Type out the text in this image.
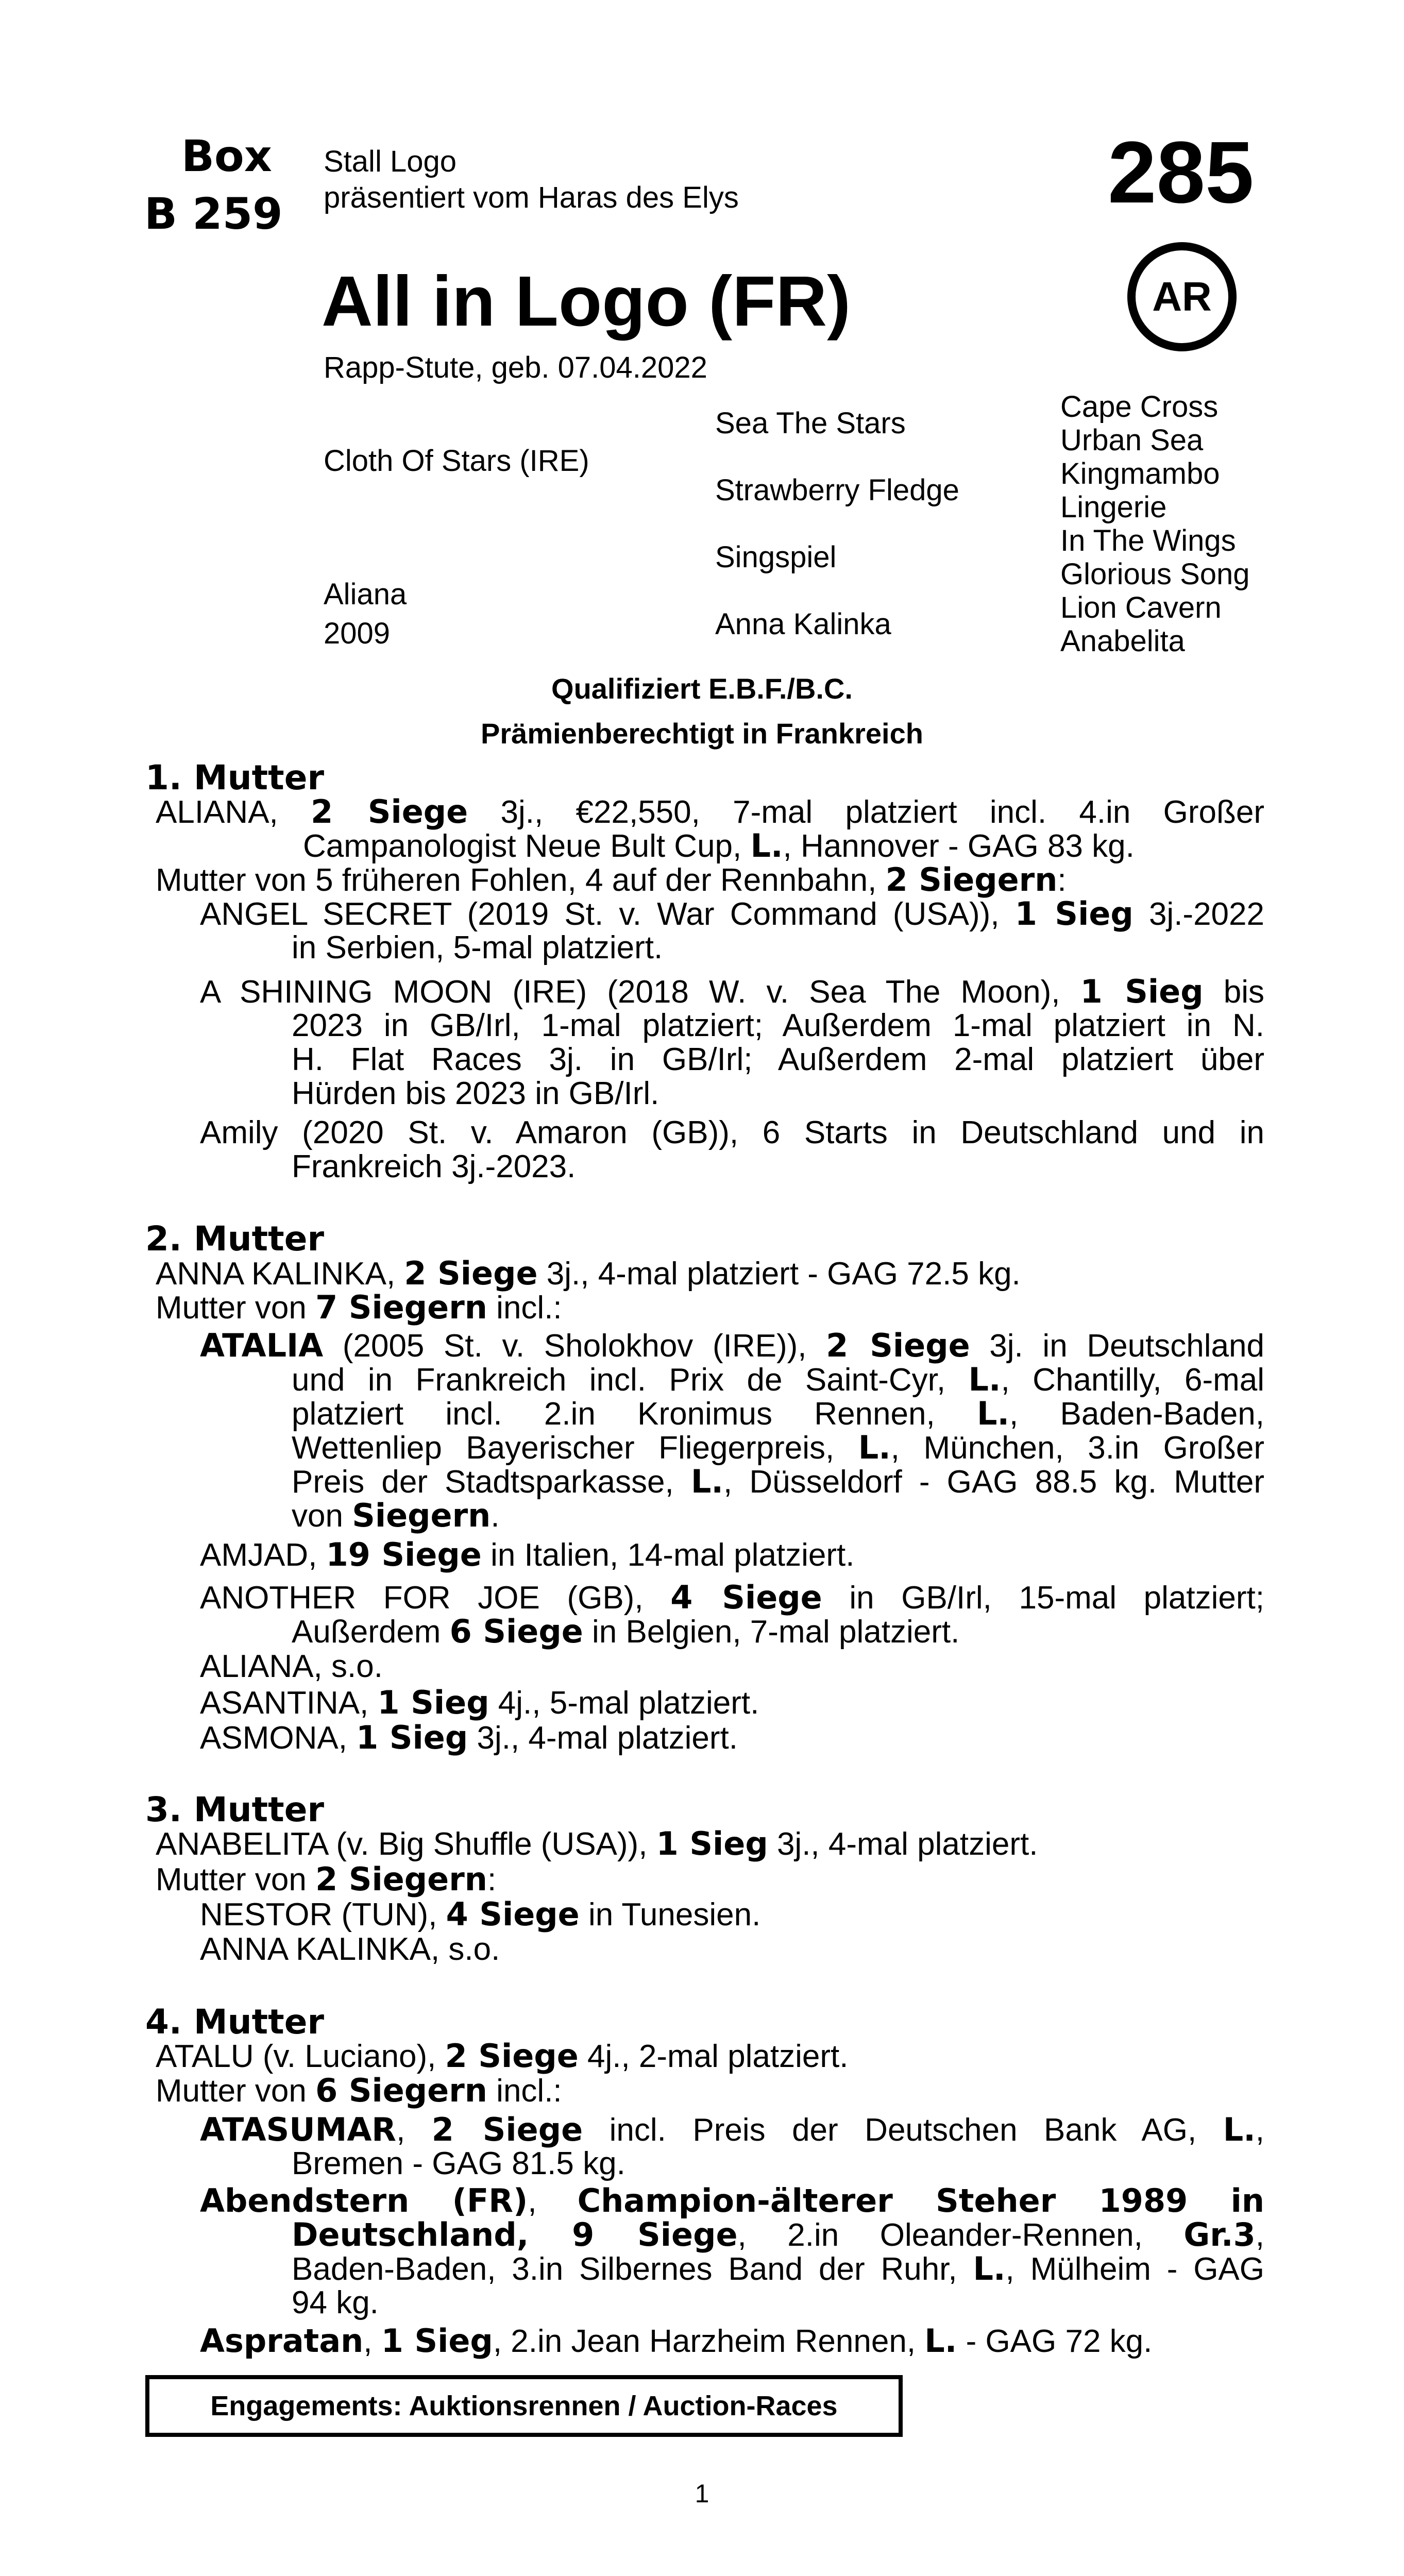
Box
B 259
Stall Logo
präsentiert vom Haras des Elys	285
AR
All in Logo (FR)
Rapp-Stute, geb. 07.04.2022
Cloth Of Stars (IRE)
Aliana
2009
Sea The Stars
Strawberry Fledge
Singspiel
Anna Kalinka
Cape Cross
Urban Sea
Kingmambo
Lingerie
In The Wings
Glorious Song
Lion Cavern
Anabelita
Qualifiziert E.B.F./B.C.
Prämienberechtigt in Frankreich
1. Mutter
ALIANA, 2 Siege 3j., €22,550, 7-mal platziert incl. 4.in Großer
Campanologist Neue Bult Cup, L., Hannover - GAG 83 kg.
Mutter von 5 früheren Fohlen, 4 auf der Rennbahn, 2 Siegern:
ANGEL SECRET (2019 St. v. War Command (USA)), 1 Sieg 3j.-2022
in Serbien, 5-mal platziert.
A SHINING MOON (IRE) (2018 W. v. Sea The Moon), 1 Sieg bis
2023 in GB/Irl, 1-mal platziert; Außerdem 1-mal platziert in N.
H. Flat Races 3j. in GB/Irl; Außerdem 2-mal platziert über
Hürden bis 2023 in GB/Irl.
Amily (2020 St. v. Amaron (GB)), 6 Starts in Deutschland und in
Frankreich 3j.-2023.
2. Mutter
ANNA KALINKA, 2 Siege 3j., 4-mal platziert - GAG 72.5 kg.
Mutter von 7 Siegern incl.:
ATALIA (2005 St. v. Sholokhov (IRE)), 2 Siege 3j. in Deutschland
und in Frankreich incl. Prix de Saint-Cyr, L., Chantilly, 6-mal
platziert incl. 2.in Kronimus Rennen, L., Baden-Baden,
Wettenliep Bayerischer Fliegerpreis, L., München, 3.in Großer
Preis der Stadtsparkasse, L., Düsseldorf - GAG 88.5 kg. Mutter
von Siegern.
AMJAD, 19 Siege in Italien, 14-mal platziert.
ANOTHER FOR JOE (GB), 4 Siege in GB/Irl, 15-mal platziert;
Außerdem 6 Siege in Belgien, 7-mal platziert.
ALIANA, s.o.
ASANTINA, 1 Sieg 4j., 5-mal platziert.
ASMONA, 1 Sieg 3j., 4-mal platziert.
3. Mutter
ANABELITA (v. Big Shuffle (USA)), 1 Sieg 3j., 4-mal platziert.
Mutter von 2 Siegern:
NESTOR (TUN), 4 Siege in Tunesien.
ANNA KALINKA, s.o.
4. Mutter
ATALU (v. Luciano), 2 Siege 4j., 2-mal platziert.
Mutter von 6 Siegern incl.:
ATASUMAR, 2 Siege incl. Preis der Deutschen Bank AG, L.,
Bremen - GAG 81.5 kg.
Abendstern (FR), Champion-älterer Steher 1989 in
Deutschland, 9 Siege, 2.in Oleander-Rennen, Gr.3,
Baden-Baden, 3.in Silbernes Band der Ruhr, L., Mülheim - GAG
94 kg.
Aspratan, 1 Sieg, 2.in Jean Harzheim Rennen, L. - GAG 72 kg.
Engagements: Auktionsrennen / Auction-Races
1
